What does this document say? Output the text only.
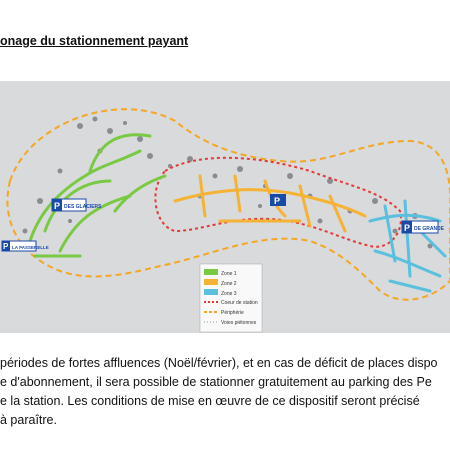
onage du stationnement payant
P DES GLACIERS
P LA PASSERELLE
P
P DE GRANDE
Zone 1
Zone 2
Zone 3
Coeur de station
Périphérie
Voies piétonnes

périodes de fortes affluences (Noël/février), et en cas de déficit de places dispo

e d'abonnement, il sera possible de stationner gratuitement au parking des Pe

e la station. Les conditions de mise en œuvre de ce dispositif seront précisé

à paraître.
